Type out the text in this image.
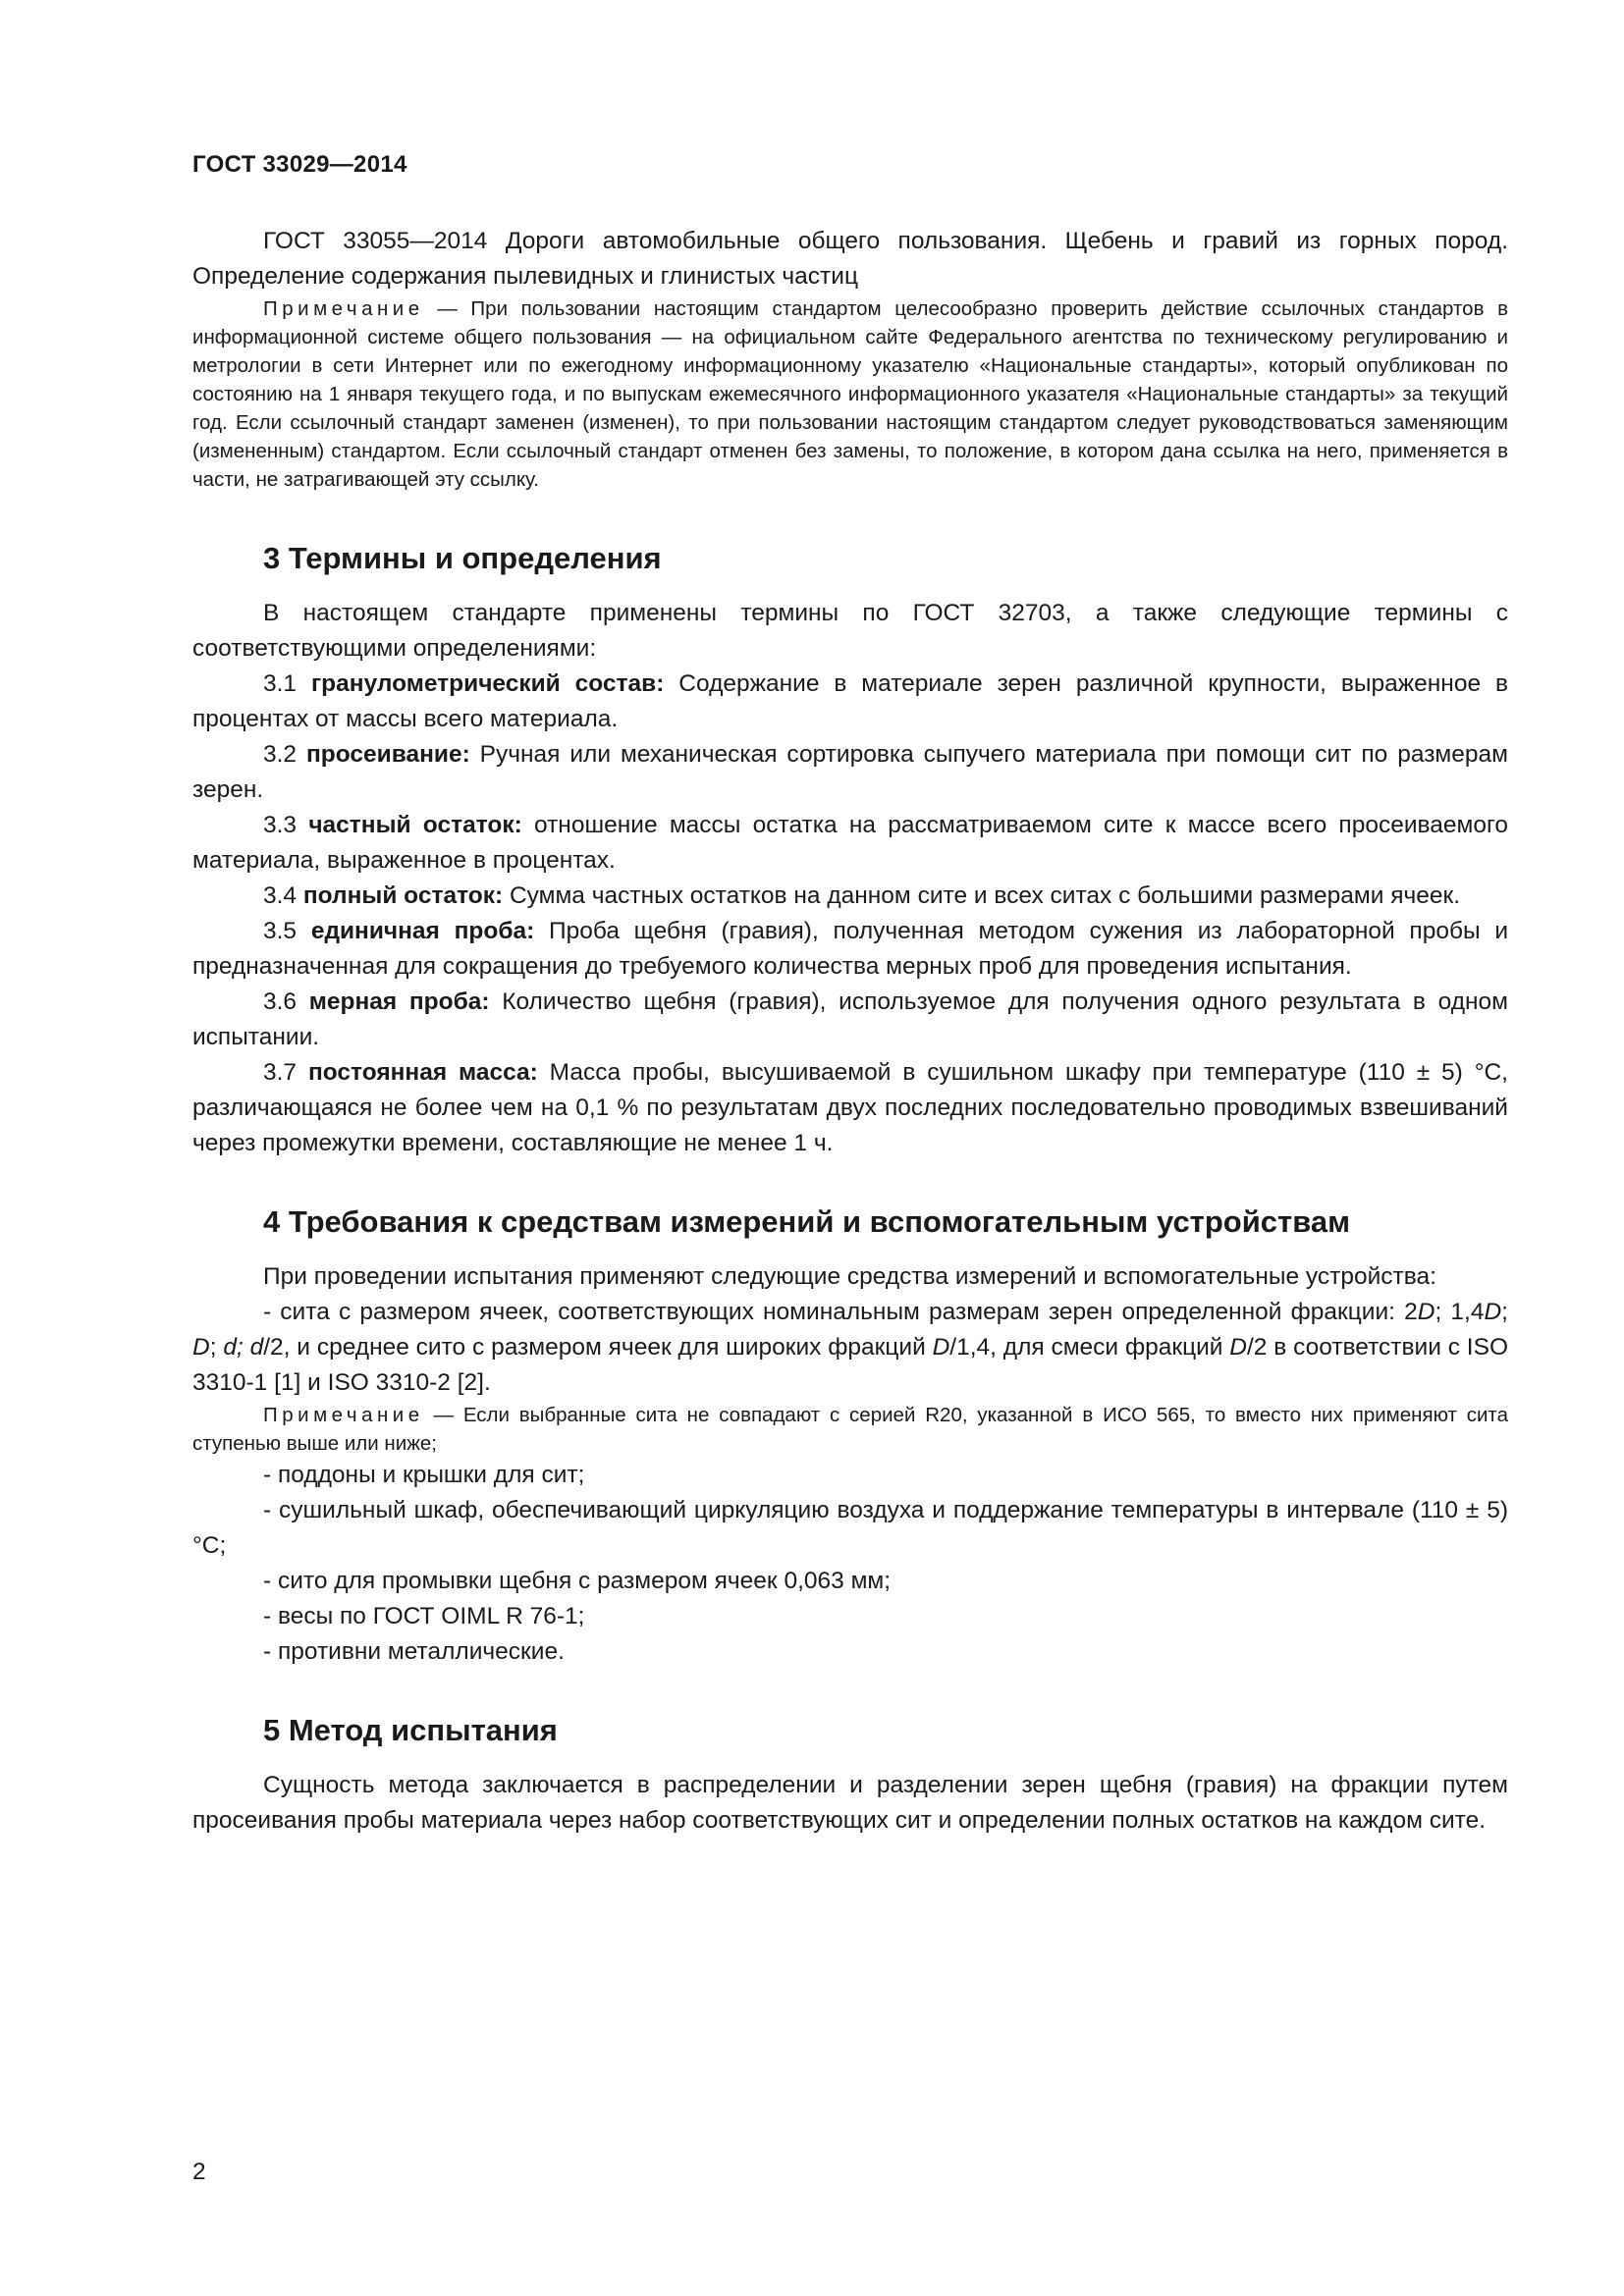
ГОСТ 33029—2014

ГОСТ 33055—2014 Дороги автомобильные общего пользования. Щебень и гравий из горных пород. Определение содержания пылевидных и глинистых частиц

Примечание — При пользовании настоящим стандартом целесообразно проверить действие ссылочных стандартов в информационной системе общего пользования — на официальном сайте Федерального агентства по техническому регулированию и метрологии в сети Интернет или по ежегодному информационному указателю «Национальные стандарты», который опубликован по состоянию на 1 января текущего года, и по выпускам ежемесячного информационного указателя «Национальные стандарты» за текущий год. Если ссылочный стандарт заменен (изменен), то при пользовании настоящим стандартом следует руководствоваться заменяющим (измененным) стандартом. Если ссылочный стандарт отменен без замены, то положение, в котором дана ссылка на него, применяется в части, не затрагивающей эту ссылку.

3 Термины и определения

В настоящем стандарте применены термины по ГОСТ 32703, а также следующие термины с соответствующими определениями:

3.1 гранулометрический состав: Содержание в материале зерен различной крупности, выраженное в процентах от массы всего материала.

3.2 просеивание: Ручная или механическая сортировка сыпучего материала при помощи сит по размерам зерен.

3.3 частный остаток: отношение массы остатка на рассматриваемом сите к массе всего просеиваемого материала, выраженное в процентах.

3.4 полный остаток: Сумма частных остатков на данном сите и всех ситах с большими размерами ячеек.

3.5 единичная проба: Проба щебня (гравия), полученная методом сужения из лабораторной пробы и предназначенная для сокращения до требуемого количества мерных проб для проведения испытания.

3.6 мерная проба: Количество щебня (гравия), используемое для получения одного результата в одном испытании.

3.7 постоянная масса: Масса пробы, высушиваемой в сушильном шкафу при температуре (110 ± 5) °С, различающаяся не более чем на 0,1 % по результатам двух последних последовательно проводимых взвешиваний через промежутки времени, составляющие не менее 1 ч.

4 Требования к средствам измерений и вспомогательным устройствам

При проведении испытания применяют следующие средства измерений и вспомогательные устройства:

- сита с размером ячеек, соответствующих номинальным размерам зерен определенной фракции: 2D; 1,4D; D; d; d/2, и среднее сито с размером ячеек для широких фракций D/1,4, для смеси фракций D/2 в соответствии с ISO 3310-1 [1] и ISO 3310-2 [2].

Примечание — Если выбранные сита не совпадают с серией R20, указанной в ИСО 565, то вместо них применяют сита ступенью выше или ниже;

- поддоны и крышки для сит;

- сушильный шкаф, обеспечивающий циркуляцию воздуха и поддержание температуры в интервале (110 ± 5) °С;

- сито для промывки щебня с размером ячеек 0,063 мм;

- весы по ГОСТ OIML R 76-1;

- противни металлические.

5 Метод испытания

Сущность метода заключается в распределении и разделении зерен щебня (гравия) на фракции путем просеивания пробы материала через набор соответствующих сит и определении полных остатков на каждом сите.

2
